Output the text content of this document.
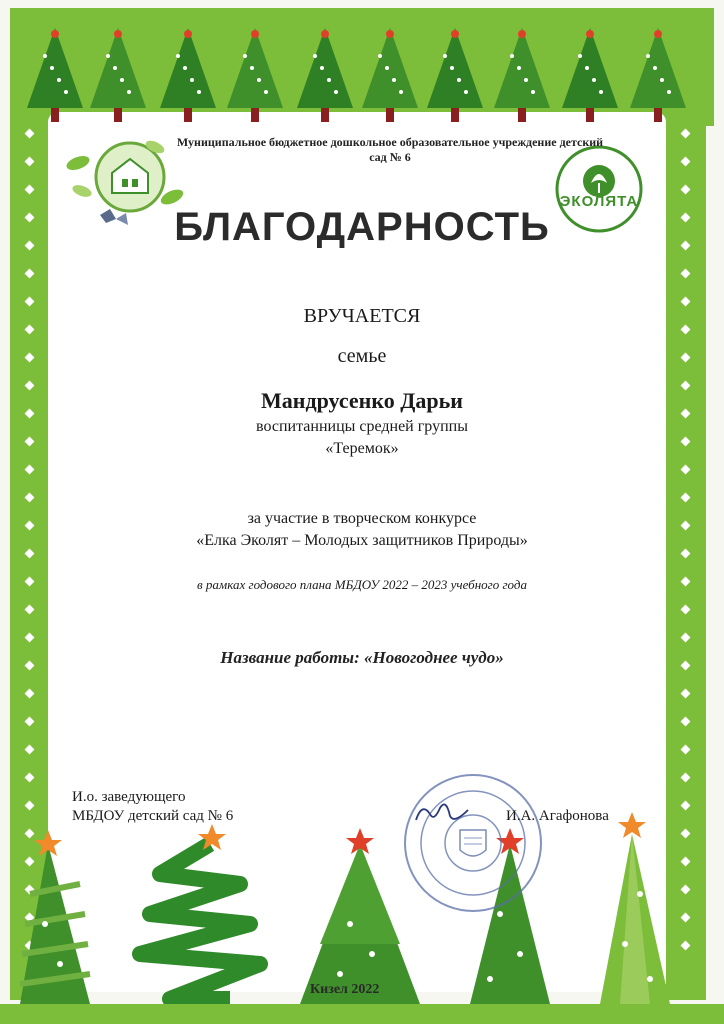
ЭКОЛЯТА
Муниципальное бюджетное дошкольное образовательное учреждение детский сад № 6
БЛАГОДАРНОСТЬ
ВРУЧАЕТСЯ
семье
Мандрусенко Дарьи
воспитанницы средней группы
«Теремок»
за участие в творческом конкурсе
«Елка Эколят – Молодых защитников Природы»
в рамках годового плана МБДОУ 2022 – 2023 учебного года
Название работы: «Новогоднее чудо»
И.о. заведующего
МБДОУ детский сад № 6	И.А. Агафонова
Кизел 2022
